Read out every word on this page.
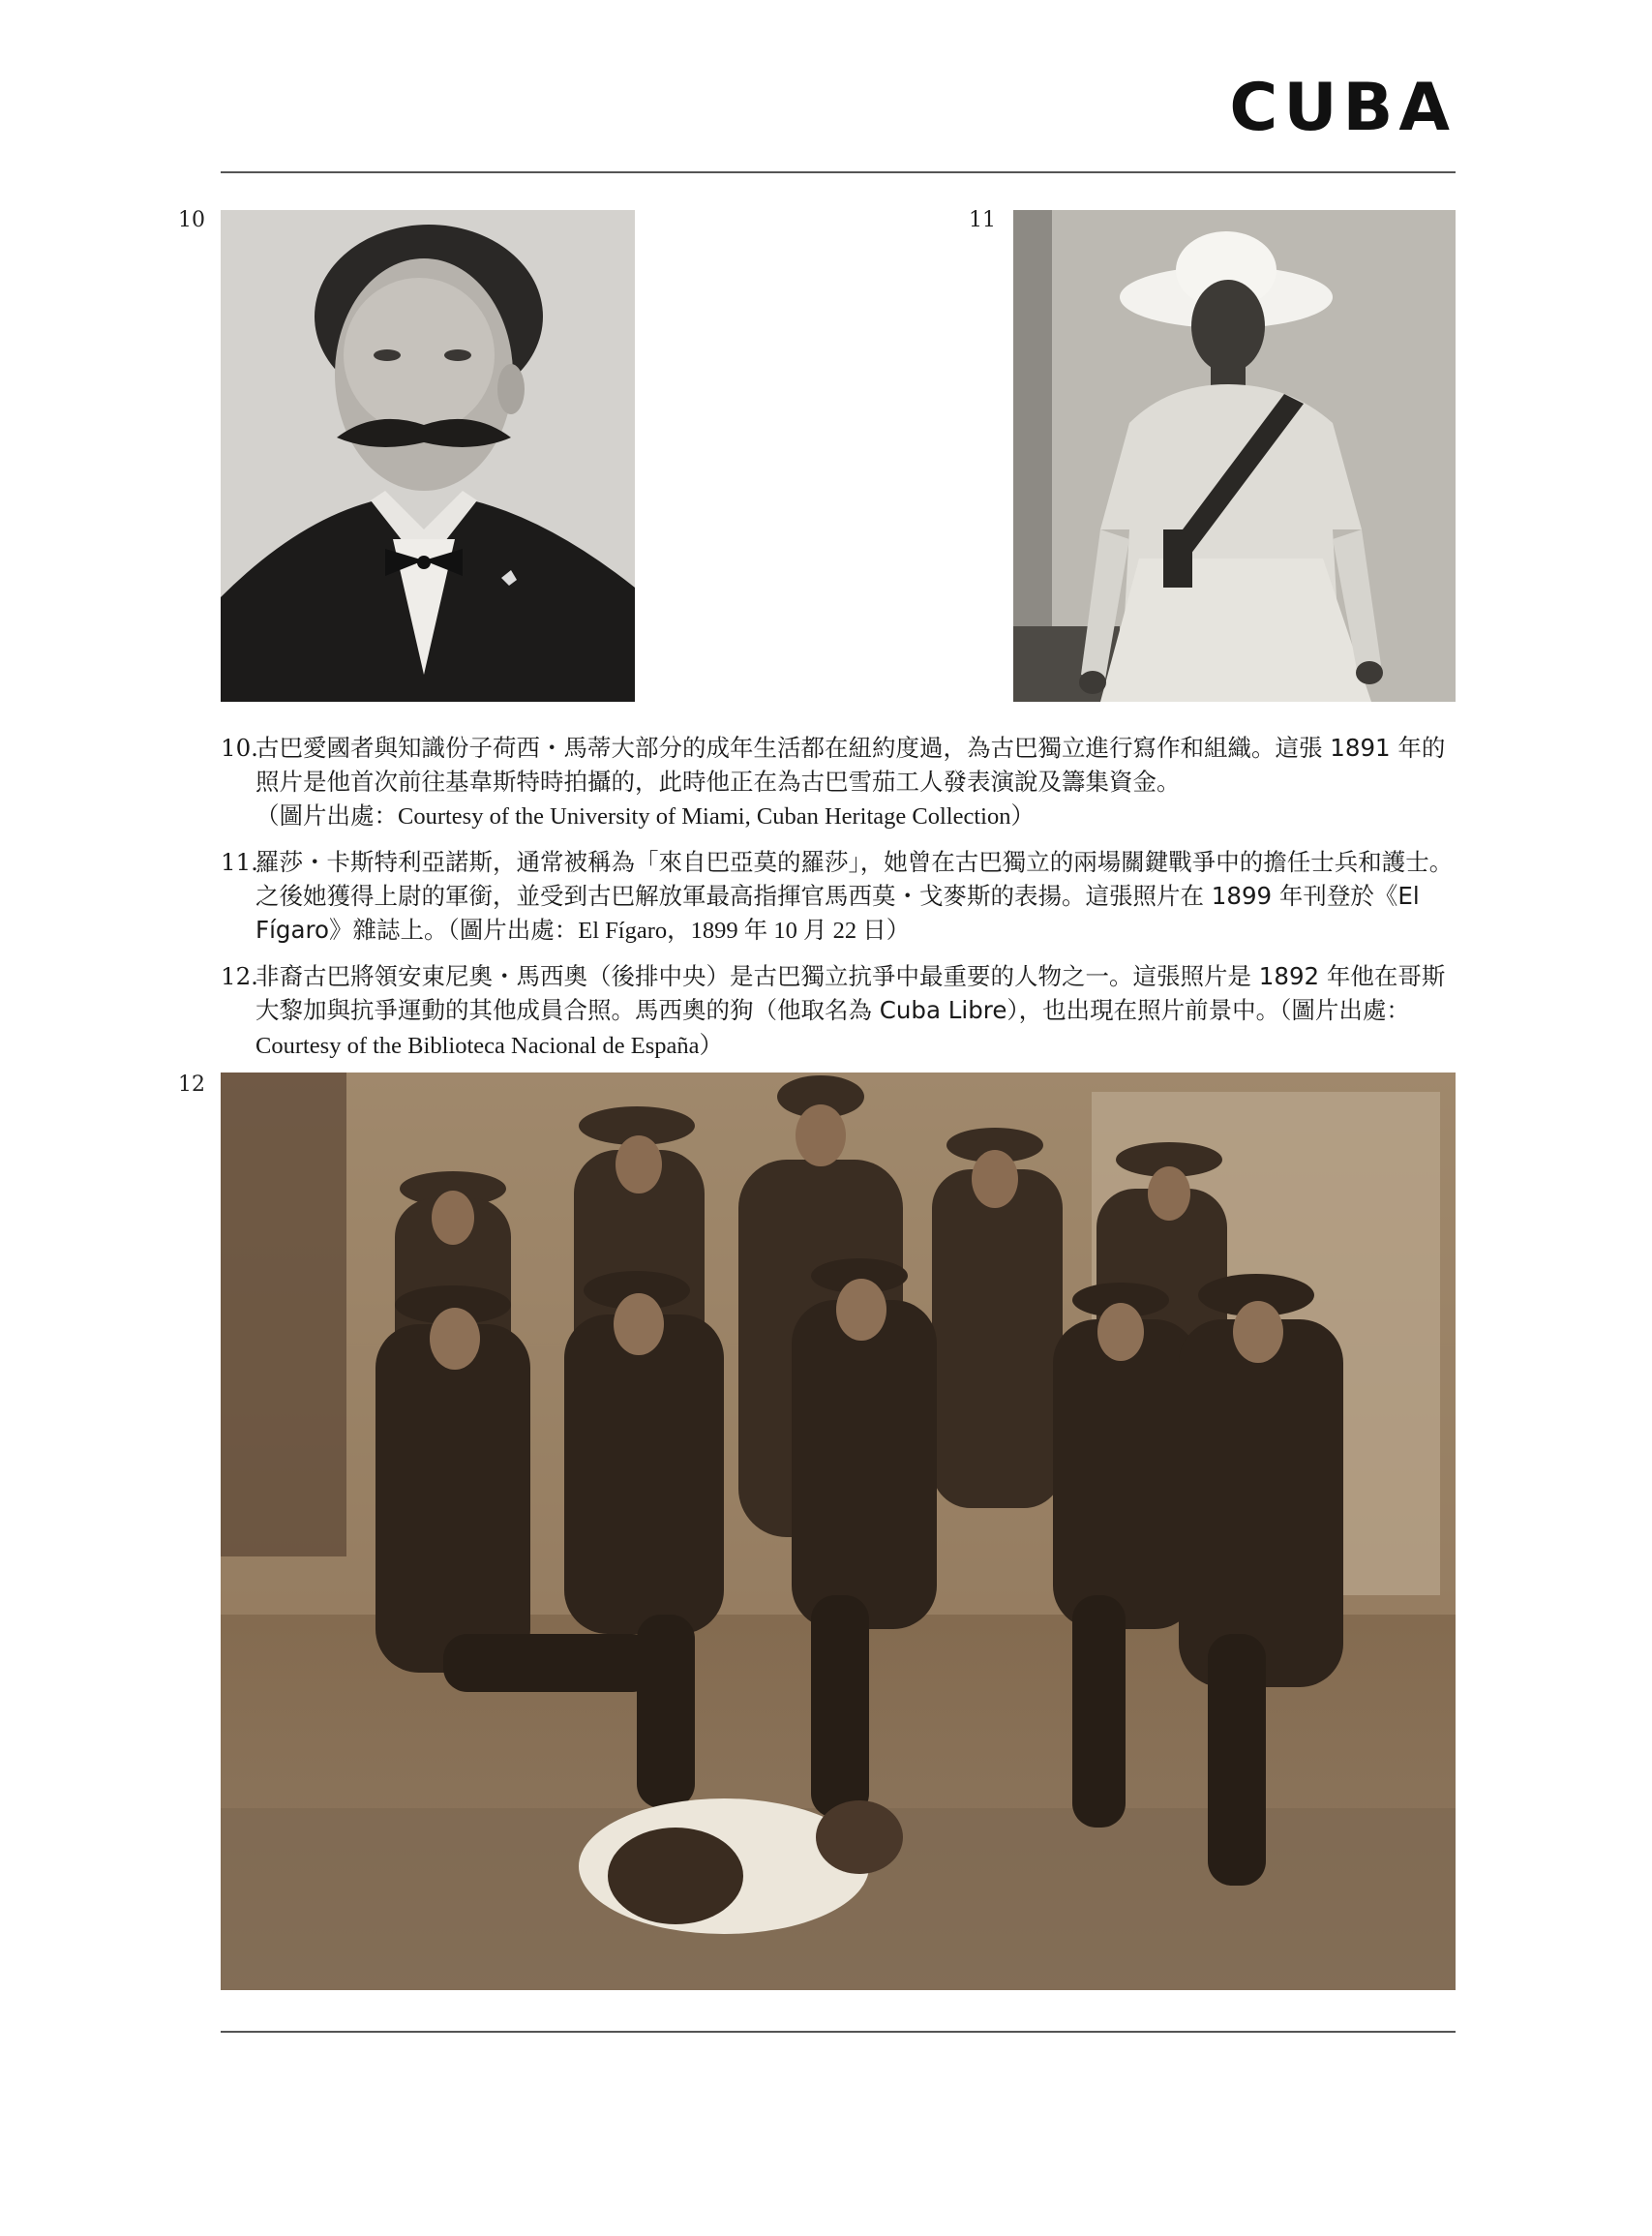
CUBA
10	11
10.
古巴愛國者與知識份子荷西・馬蒂大部分的成年生活都在紐約度過，為古巴獨立進行寫作和組織。這張 1891 年的照片是他首次前往基韋斯特時拍攝的，此時他正在為古巴雪茄工人發表演說及籌集資金。
（圖片出處：Courtesy of the University of Miami, Cuban Heritage Collection）
11.
羅莎・卡斯特利亞諾斯，通常被稱為「來自巴亞莫的羅莎」，她曾在古巴獨立的兩場關鍵戰爭中的擔任士兵和護士。之後她獲得上尉的軍銜，並受到古巴解放軍最高指揮官馬西莫・戈麥斯的表揚。這張照片在 1899 年刊登於《El Fígaro》雜誌上。（圖片出處：El Fígaro，1899 年 10 月 22 日）
12.
非裔古巴將領安東尼奧・馬西奧（後排中央）是古巴獨立抗爭中最重要的人物之一。這張照片是 1892 年他在哥斯大黎加與抗爭運動的其他成員合照。馬西奧的狗（他取名為 Cuba Libre），也出現在照片前景中。（圖片出處：Courtesy of the Biblioteca Nacional de España）
12
